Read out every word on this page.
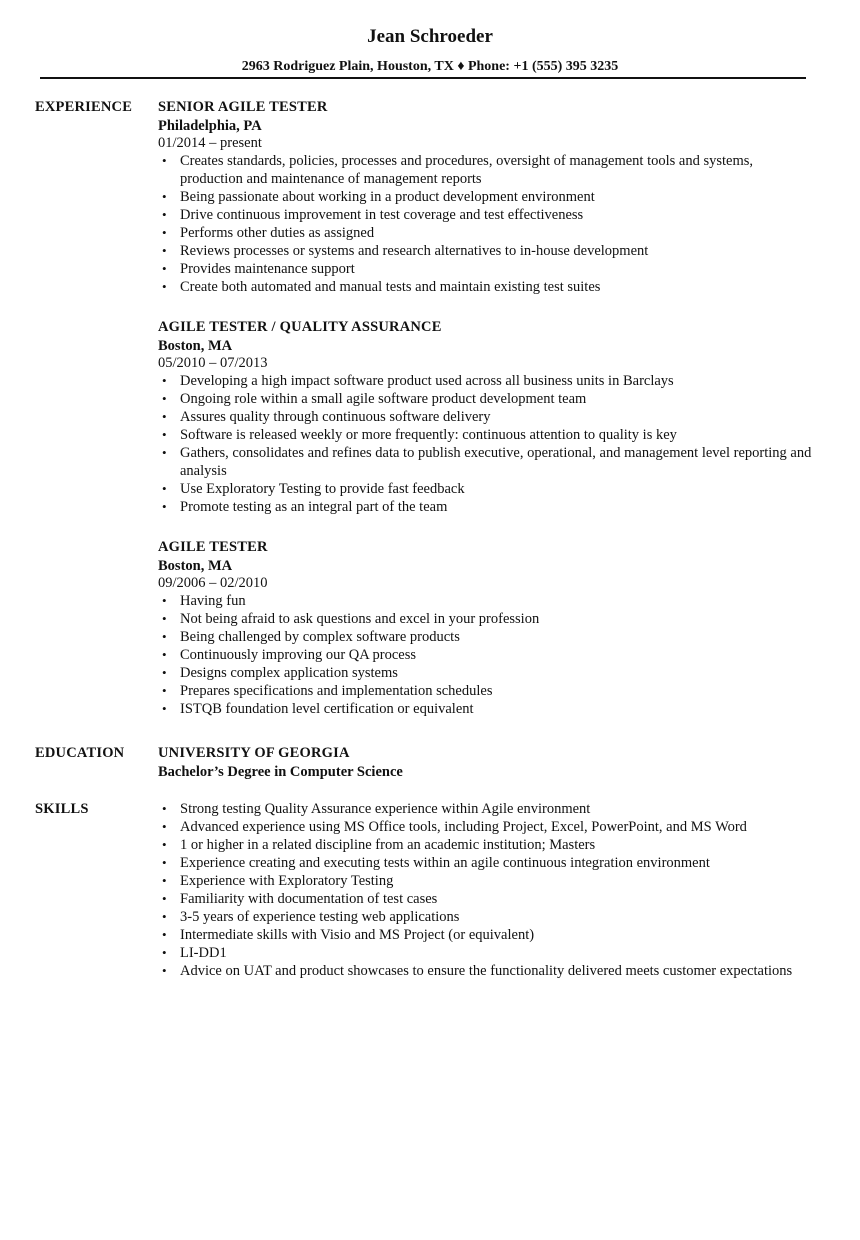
Jean Schroeder
2963 Rodriguez Plain, Houston, TX ♦ Phone: +1 (555) 395 3235
EXPERIENCE SENIOR AGILE TESTER
Philadelphia, PA
01/2014 – present
• Creates standards, policies, processes and procedures, oversight of management tools and systems, production and maintenance of management reports
• Being passionate about working in a product development environment
• Drive continuous improvement in test coverage and test effectiveness
• Performs other duties as assigned
• Reviews processes or systems and research alternatives to in-house development
• Provides maintenance support
• Create both automated and manual tests and maintain existing test suites
AGILE TESTER / QUALITY ASSURANCE
Boston, MA
05/2010 – 07/2013
• Developing a high impact software product used across all business units in Barclays
• Ongoing role within a small agile software product development team
• Assures quality through continuous software delivery
• Software is released weekly or more frequently: continuous attention to quality is key
• Gathers, consolidates and refines data to publish executive, operational, and management level reporting and analysis
• Use Exploratory Testing to provide fast feedback
• Promote testing as an integral part of the team
AGILE TESTER
Boston, MA
09/2006 – 02/2010
• Having fun
• Not being afraid to ask questions and excel in your profession
• Being challenged by complex software products
• Continuously improving our QA process
• Designs complex application systems
• Prepares specifications and implementation schedules
• ISTQB foundation level certification or equivalent
EDUCATION UNIVERSITY OF GEORGIA
Bachelor’s Degree in Computer Science
SKILLS	• Strong testing Quality Assurance experience within Agile environment
• Advanced experience using MS Office tools, including Project, Excel, PowerPoint, and MS Word
• 1 or higher in a related discipline from an academic institution; Masters
• Experience creating and executing tests within an agile continuous integration environment
• Experience with Exploratory Testing
• Familiarity with documentation of test cases
• 3-5 years of experience testing web applications
• Intermediate skills with Visio and MS Project (or equivalent)
• LI-DD1
• Advice on UAT and product showcases to ensure the functionality delivered meets customer expectations
